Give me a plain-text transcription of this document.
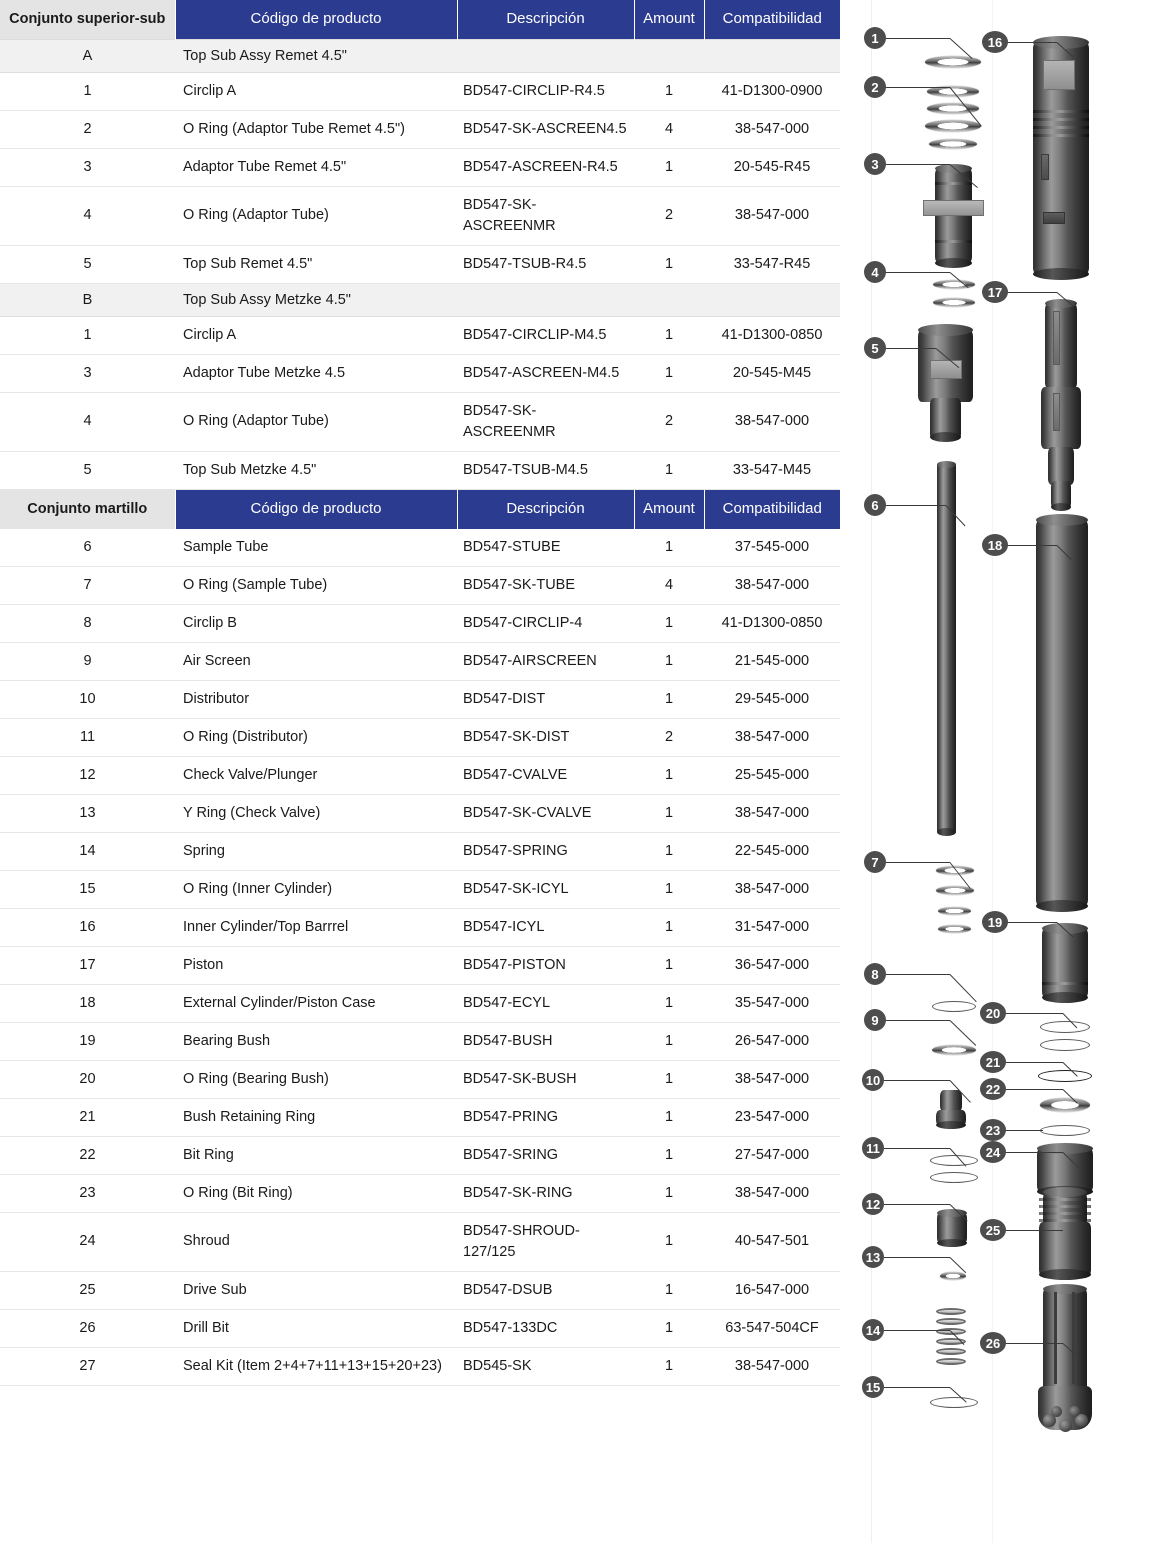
Conjunto superior-sub	Código de producto	Descripción	Amount	Compatibilidad
A	Top Sub Assy Remet 4.5"			
1	Circlip A	BD547-CIRCLIP-R4.5	1	41-D1300-0900
2	O Ring (Adaptor Tube Remet 4.5")	BD547-SK-ASCREEN4.5	4	38-547-000
3	Adaptor Tube Remet 4.5"	BD547-ASCREEN-R4.5	1	20-545-R45
4	O Ring (Adaptor Tube)	BD547-SK-ASCREENMR	2	38-547-000
5	Top Sub Remet 4.5"	BD547-TSUB-R4.5	1	33-547-R45
B	Top Sub Assy Metzke 4.5"			
1	Circlip A	BD547-CIRCLIP-M4.5	1	41-D1300-0850
3	Adaptor Tube Metzke 4.5	BD547-ASCREEN-M4.5	1	20-545-M45
4	O Ring (Adaptor Tube)	BD547-SK-ASCREENMR	2	38-547-000
5	Top Sub Metzke 4.5"	BD547-TSUB-M4.5	1	33-547-M45
Conjunto martillo	Código de producto	Descripción	Amount	Compatibilidad
6	Sample Tube	BD547-STUBE	1	37-545-000
7	O Ring (Sample Tube)	BD547-SK-TUBE	4	38-547-000
8	Circlip B	BD547-CIRCLIP-4	1	41-D1300-0850
9	Air Screen	BD547-AIRSCREEN	1	21-545-000
10	Distributor	BD547-DIST	1	29-545-000
11	O Ring (Distributor)	BD547-SK-DIST	2	38-547-000
12	Check Valve/Plunger	BD547-CVALVE	1	25-545-000
13	Y Ring (Check Valve)	BD547-SK-CVALVE	1	38-547-000
14	Spring	BD547-SPRING	1	22-545-000
15	O Ring (Inner Cylinder)	BD547-SK-ICYL	1	38-547-000
16	Inner Cylinder/Top Barrrel	BD547-ICYL	1	31-547-000
17	Piston	BD547-PISTON	1	36-547-000
18	External Cylinder/Piston Case	BD547-ECYL	1	35-547-000
19	Bearing Bush	BD547-BUSH	1	26-547-000
20	O Ring (Bearing Bush)	BD547-SK-BUSH	1	38-547-000
21	Bush Retaining Ring	BD547-PRING	1	23-547-000
22	Bit Ring	BD547-SRING	1	27-547-000
23	O Ring (Bit Ring)	BD547-SK-RING	1	38-547-000
24	Shroud	BD547-SHROUD-127/125	1	40-547-501
25	Drive Sub	BD547-DSUB	1	16-547-000
26	Drill Bit	BD547-133DC	1	63-547-504CF
27	Seal Kit (Item 2+4+7+11+13+15+20+23)	BD545-SK	1	38-547-000
1
2
3
4
5
6
7
8
9
10
11
12
13
14
15
16
17
18
19
20
21
22
23
24
25
26
